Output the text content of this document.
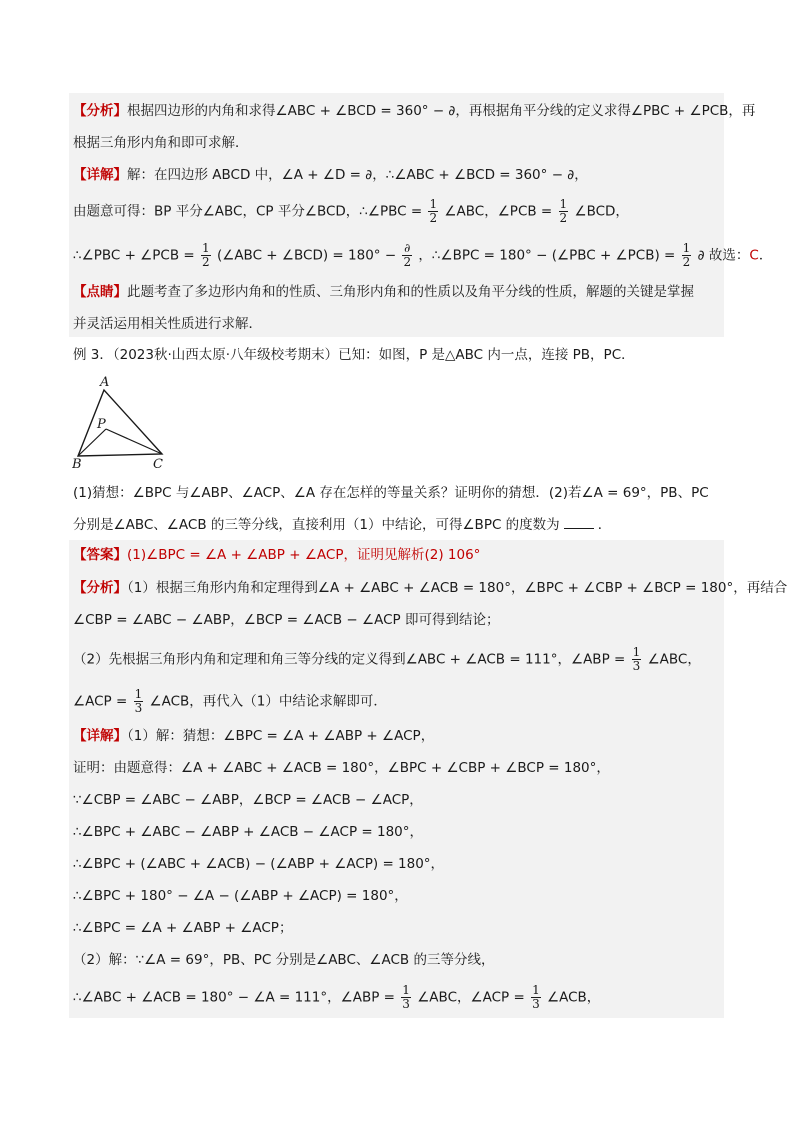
【分析】根据四边形的内角和求得∠ABC + ∠BCD = 360° − ∂，再根据角平分线的定义求得∠PBC + ∠PCB，再
根据三角形内角和即可求解．
【详解】解：在四边形 ABCD 中，∠A + ∠D = ∂，∴∠ABC + ∠BCD = 360° − ∂，
由题意可得：BP 平分∠ABC，CP 平分∠BCD，∴∠PBC = $\frac{1}{2}$ ∠ABC，∠PCB = $\frac{1}{2}$ ∠BCD，
∴∠PBC + ∠PCB = $\frac{1}{2}$ (∠ABC + ∠BCD) = $180^\circ - \frac{\partial}{2}$ ，∴∠BPC = 180° − (∠PBC + ∠PCB) = $\frac{1}{2}$ ∂ 故选：C．
【点睛】此题考查了多边形内角和的性质、三角形内角和的性质以及角平分线的性质，解题的关键是掌握
并灵活运用相关性质进行求解．
例 3．（2023秋·山西太原·八年级校考期末）已知：如图，P 是△ABC 内一点，连接 PB，PC．
A
P
B	C
(1)猜想：∠BPC 与∠ABP、∠ACP、∠A 存在怎样的等量关系？证明你的猜想．(2)若∠A = 69°，PB、PC
分别是∠ABC、∠ACB 的三等分线，直接利用（1）中结论，可得∠BPC 的度数为	．
【答案】(1)∠BPC = ∠A + ∠ABP + ∠ACP，证明见解析(2) 106°
【分析】（1）根据三角形内角和定理得到∠A + ∠ABC + ∠ACB = 180°，∠BPC + ∠CBP + ∠BCP = 180°，再结合
∠CBP = ∠ABC − ∠ABP，∠BCP = ∠ACB − ∠ACP 即可得到结论；
（2）先根据三角形内角和定理和角三等分线的定义得到∠ABC + ∠ACB = 111°，∠ABP = $\frac{1}{3}$ ∠ABC，
∠ACP = $\frac{1}{3}$ ∠ACB，再代入（1）中结论求解即可．
【详解】（1）解：猜想：∠BPC = ∠A + ∠ABP + ∠ACP，
证明：由题意得：∠A + ∠ABC + ∠ACB = 180°，∠BPC + ∠CBP + ∠BCP = 180°，
∵∠CBP = ∠ABC − ∠ABP，∠BCP = ∠ACB − ∠ACP，
∴∠BPC + ∠ABC − ∠ABP + ∠ACB − ∠ACP = 180°，
∴∠BPC + (∠ABC + ∠ACB) − (∠ABP + ∠ACP) = 180°，
∴∠BPC + 180° − ∠A − (∠ABP + ∠ACP) = 180°，
∴∠BPC = ∠A + ∠ABP + ∠ACP；
（2）解：∵∠A = 69°，PB、PC 分别是∠ABC、∠ACB 的三等分线，
∴∠ABC + ∠ACB = 180° − ∠A = 111°，∠ABP = $\frac{1}{3}$ ∠ABC，∠ACP = $\frac{1}{3}$ ∠ACB，
